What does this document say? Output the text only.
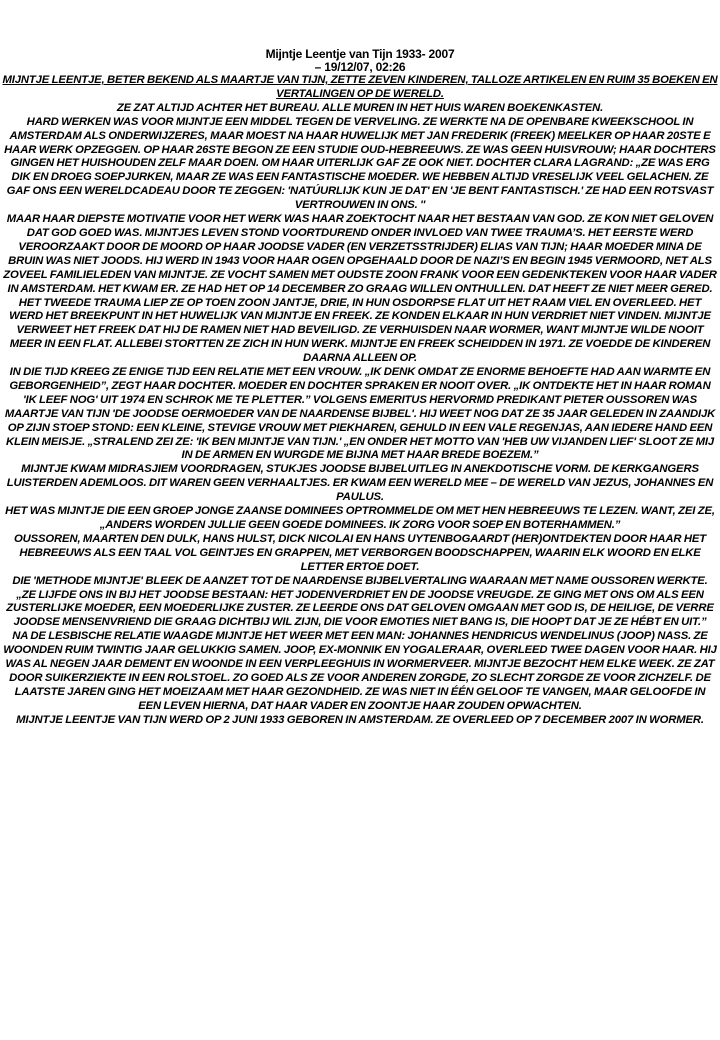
Mijntje Leentje van Tijn 1933- 2007
– 19/12/07, 02:26

MIJNTJE LEENTJE, BETER BEKEND ALS MAARTJE VAN TIJN, ZETTE ZEVEN KINDEREN, TALLOZE ARTIKELEN EN RUIM 35 BOEKEN EN VERTALINGEN OP DE WERELD.

ZE ZAT ALTIJD ACHTER HET BUREAU. ALLE MUREN IN HET HUIS WAREN BOEKENKASTEN.

HARD WERKEN WAS VOOR MIJNTJE EEN MIDDEL TEGEN DE VERVELING. ZE WERKTE NA DE OPENBARE KWEEKSCHOOL IN AMSTERDAM ALS ONDERWIJZERES, MAAR MOEST NA HAAR HUWELIJK MET JAN FREDERIK (FREEK) MEELKER OP HAAR 20STE E HAAR WERK OPZEGGEN. OP HAAR 26STE BEGON ZE EEN STUDIE OUD-HEBREEUWS. ZE WAS GEEN HUISVROUW; HAAR DOCHTERS GINGEN HET HUISHOUDEN ZELF MAAR DOEN. OM HAAR UITERLIJK GAF ZE OOK NIET. DOCHTER CLARA LAGRAND: „ZE WAS ERG DIK EN DROEG SOEPJURKEN, MAAR ZE WAS EEN FANTASTISCHE MOEDER. WE HEBBEN ALTIJD VRESELIJK VEEL GELACHEN. ZE GAF ONS EEN WERELDCADEAU DOOR TE ZEGGEN: 'NATÚURLIJK KUN JE DAT' EN 'JE BENT FANTASTISCH.' ZE HAD EEN ROTSVAST VERTROUWEN IN ONS. ''

MAAR HAAR DIEPSTE MOTIVATIE VOOR HET WERK WAS HAAR ZOEKTOCHT NAAR HET BESTAAN VAN GOD. ZE KON NIET GELOVEN DAT GOD GOED WAS. MIJNTJES LEVEN STOND VOORTDUREND ONDER INVLOED VAN TWEE TRAUMA’S. HET EERSTE WERD VEROORZAAKT DOOR DE MOORD OP HAAR JOODSE VADER (EN VERZETSSTRIJDER) ELIAS VAN TIJN; HAAR MOEDER MINA DE BRUIN WAS NIET JOODS. HIJ WERD IN 1943 VOOR HAAR OGEN OPGEHAALD DOOR DE NAZI’S EN BEGIN 1945 VERMOORD, NET ALS ZOVEEL FAMILIELEDEN VAN MIJNTJE. ZE VOCHT SAMEN MET OUDSTE ZOON FRANK VOOR EEN GEDENKTEKEN VOOR HAAR VADER IN AMSTERDAM. HET KWAM ER. ZE HAD HET OP 14 DECEMBER ZO GRAAG WILLEN ONTHULLEN. DAT HEEFT ZE NIET MEER GERED.

HET TWEEDE TRAUMA LIEP ZE OP TOEN ZOON JANTJE, DRIE, IN HUN OSDORPSE FLAT UIT HET RAAM VIEL EN OVERLEED. HET WERD HET BREEKPUNT IN HET HUWELIJK VAN MIJNTJE EN FREEK. ZE KONDEN ELKAAR IN HUN VERDRIET NIET VINDEN. MIJNTJE VERWEET HET FREEK DAT HIJ DE RAMEN NIET HAD BEVEILIGD. ZE VERHUISDEN NAAR WORMER, WANT MIJNTJE WILDE NOOIT MEER IN EEN FLAT. ALLEBEI STORTTEN ZE ZICH IN HUN WERK. MIJNTJE EN FREEK SCHEIDDEN IN 1971. ZE VOEDDE DE KINDEREN DAARNA ALLEEN OP.

IN DIE TIJD KREEG ZE ENIGE TIJD EEN RELATIE MET EEN VROUW. „IK DENK OMDAT ZE ENORME BEHOEFTE HAD AAN WARMTE EN GEBORGENHEID”, ZEGT HAAR DOCHTER. MOEDER EN DOCHTER SPRAKEN ER NOOIT OVER. „IK ONTDEKTE HET IN HAAR ROMAN 'IK LEEF NOG' UIT 1974 EN SCHROK ME TE PLETTER.” VOLGENS EMERITUS HERVORMD PREDIKANT PIETER OUSSOREN WAS MAARTJE VAN TIJN 'DE JOODSE OERMOEDER VAN DE NAARDENSE BIJBEL'. HIJ WEET NOG DAT ZE 35 JAAR GELEDEN IN ZAANDIJK OP ZIJN STOEP STOND: EEN KLEINE, STEVIGE VROUW MET PIEKHAREN, GEHULD IN EEN VALE REGENJAS, AAN IEDERE HAND EEN KLEIN MEISJE. „STRALEND ZEI ZE: 'IK BEN MIJNTJE VAN TIJN.' „EN ONDER HET MOTTO VAN 'HEB UW VIJANDEN LIEF' SLOOT ZE MIJ IN DE ARMEN EN WURGDE ME BIJNA MET HAAR BREDE BOEZEM.”

MIJNTJE KWAM MIDRASJIEM VOORDRAGEN, STUKJES JOODSE BIJBELUITLEG IN ANEKDOTISCHE VORM. DE KERKGANGERS LUISTERDEN ADEMLOOS. DIT WAREN GEEN VERHAALTJES. ER KWAM EEN WERELD MEE – DE WERELD VAN JEZUS, JOHANNES EN PAULUS.

HET WAS MIJNTJE DIE EEN GROEP JONGE ZAANSE DOMINEES OPTROMMELDE OM MET HEN HEBREEUWS TE LEZEN. WANT, ZEI ZE, „ANDERS WORDEN JULLIE GEEN GOEDE DOMINEES. IK ZORG VOOR SOEP EN BOTERHAMMEN.”

OUSSOREN, MAARTEN DEN DULK, HANS HULST, DICK NICOLAI EN HANS UYTENBOGAARDT (HER)ONTDEKTEN DOOR HAAR HET HEBREEUWS ALS EEN TAAL VOL GEINTJES EN GRAPPEN, MET VERBORGEN BOODSCHAPPEN, WAARIN ELK WOORD EN ELKE LETTER ERTOE DOET.

DIE 'METHODE MIJNTJE' BLEEK DE AANZET TOT DE NAARDENSE BIJBELVERTALING WAARAAN MET NAME OUSSOREN WERKTE. „ZE LIJFDE ONS IN BIJ HET JOODSE BESTAAN: HET JODENVERDRIET EN DE JOODSE VREUGDE. ZE GING MET ONS OM ALS EEN ZUSTERLIJKE MOEDER, EEN MOEDERLIJKE ZUSTER. ZE LEERDE ONS DAT GELOVEN OMGAAN MET GOD IS, DE HEILIGE, DE VERRE JOODSE MENSENVRIEND DIE GRAAG DICHTBIJ WIL ZIJN, DIE VOOR EMOTIES NIET BANG IS, DIE HOOPT DAT JE ZE HÉBT EN UIT.”

NA DE LESBISCHE RELATIE WAAGDE MIJNTJE HET WEER MET EEN MAN: JOHANNES HENDRICUS WENDELINUS (JOOP) NASS. ZE WOONDEN RUIM TWINTIG JAAR GELUKKIG SAMEN. JOOP, EX-MONNIK EN YOGALERAAR, OVERLEED TWEE DAGEN VOOR HAAR. HIJ WAS AL NEGEN JAAR DEMENT EN WOONDE IN EEN VERPLEEGHUIS IN WORMERVEER. MIJNTJE BEZOCHT HEM ELKE WEEK. ZE ZAT DOOR SUIKERZIEKTE IN EEN ROLSTOEL. ZO GOED ALS ZE VOOR ANDEREN ZORGDE, ZO SLECHT ZORGDE ZE VOOR ZICHZELF. DE LAATSTE JAREN GING HET MOEIZAAM MET HAAR GEZONDHEID. ZE WAS NIET IN ÉÉN GELOOF TE VANGEN, MAAR GELOOFDE IN EEN LEVEN HIERNA, DAT HAAR VADER EN ZOONTJE HAAR ZOUDEN OPWACHTEN.

MIJNTJE LEENTJE VAN TIJN WERD OP 2 JUNI 1933 GEBOREN IN AMSTERDAM. ZE OVERLEED OP 7 DECEMBER 2007 IN WORMER.
